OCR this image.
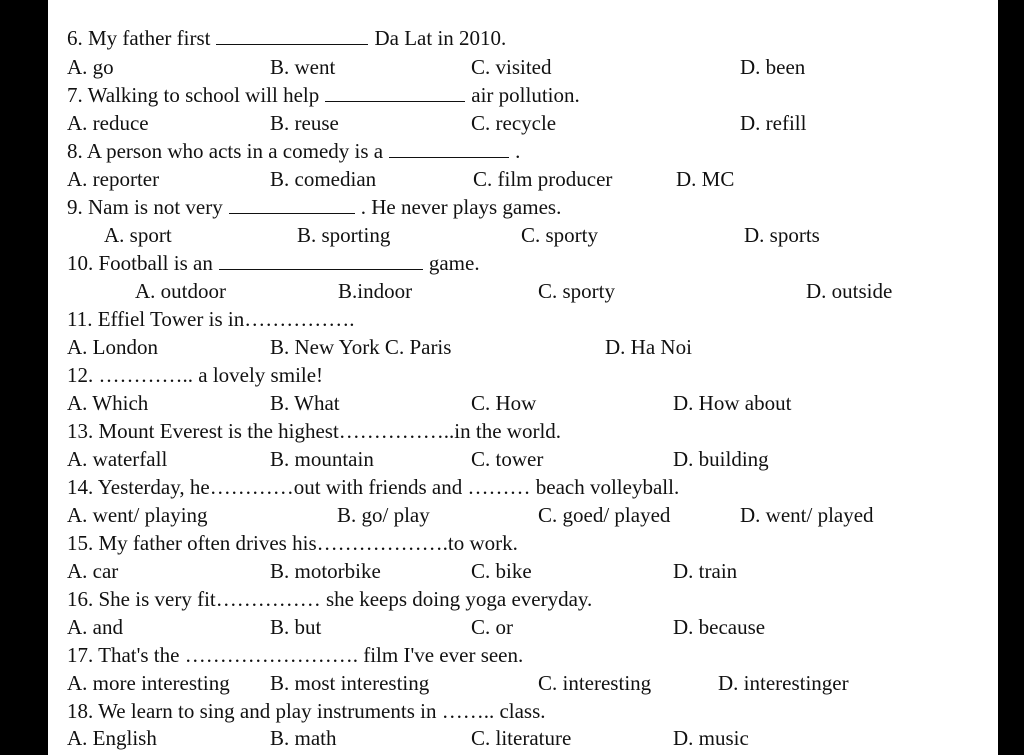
6. My father first	Da Lat in 2010.
A. go	B. went	C. visited	D. been
7. Walking to school will help	air pollution.
A. reduce	B. reuse	C. recycle	D. refill
8. A person who acts in a comedy is a	.
A. reporter	B. comedian	C. film producer	D. MC
9. Nam is not very	. He never plays games.
A. sport	B. sporting	C. sporty	D. sports
10. Football is an	game.
A. outdoor	B.indoor	C. sporty	D. outside
11. Effiel Tower is in…………….
A. London	B. New York C. Paris	D. Ha Noi
12. ………….. a lovely smile!
A. Which	B. What	C. How	D. How about
13. Mount Everest is the highest……………..in the world.
A. waterfall	B. mountain	C. tower	D. building
14. Yesterday, he…………out with friends and ……… beach volleyball.
A. went/ playing	B. go/ play	C. goed/ played	D. went/ played
15. My father often drives his……………….to work.
A. car	B. motorbike	C. bike	D. train
16. She is very fit…………… she keeps doing yoga everyday.
A. and	B. but	C. or	D. because
17. That's the ……………………. film I've ever seen.
A. more interesting B. most interesting	C. interesting	D. interestinger
18. We learn to sing and play instruments in …….. class.
A. English	B. math	C. literature	D. music
